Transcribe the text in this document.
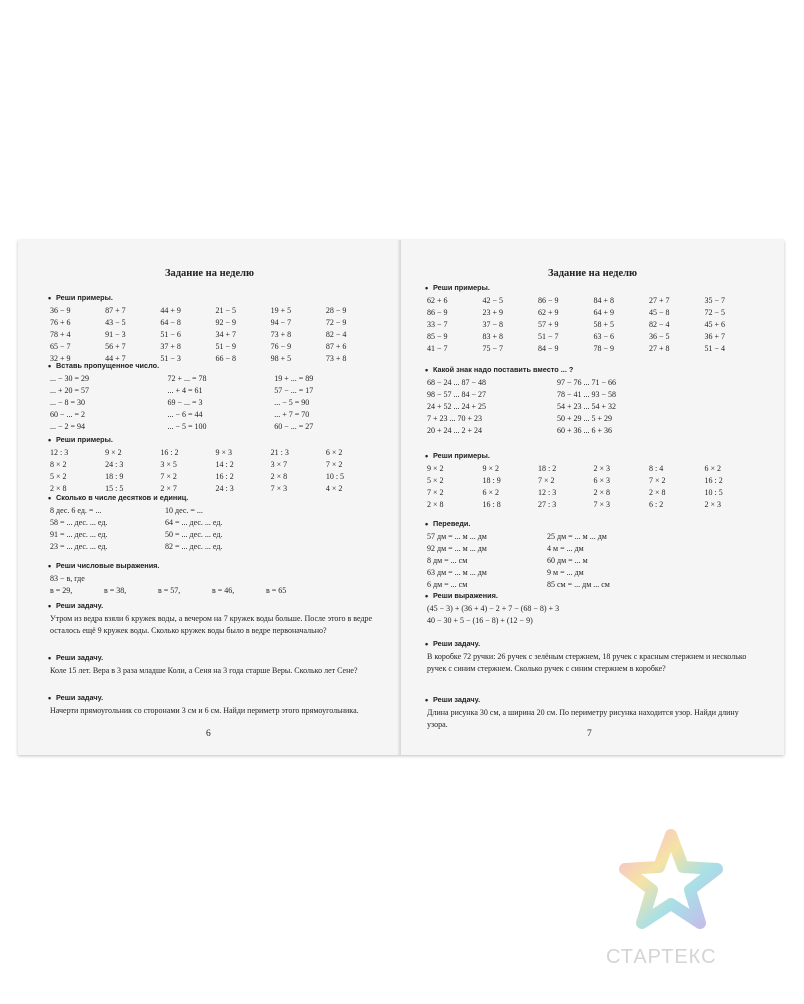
Задание на неделю
• Реши примеры.
36 − 9	87 + 7	44 + 9	21 − 5	19 + 5	28 − 9
76 + 6	43 − 5	64 − 8	92 − 9	94 − 7	72 − 9
78 + 4	91 − 3	51 − 6	34 + 7	73 + 8	82 − 4
65 − 7	56 + 7	37 + 8	51 − 9	76 − 9	87 + 6
32 + 9	44 + 7	51 − 3	66 − 8	98 + 5	73 + 8
• Вставь пропущенное число.
... − 30 = 29	72 + ... = 78	19 + ... = 89
... + 20 = 57	... + 4 = 61	57 − ... = 17
... − 8 = 30	69 − ... = 3	... − 5 = 90
60 − ... = 2	... − 6 = 44	... + 7 = 70
... − 2 = 94	... − 5 = 100	60 − ... = 27
• Реши примеры.
12 : 3	9 × 2	16 : 2	9 × 3	21 : 3	6 × 2
8 × 2	24 : 3	3 × 5	14 : 2	3 × 7	7 × 2
5 × 2	18 : 9	7 × 2	16 : 2	2 × 8	10 : 5
2 × 8	15 : 5	2 × 7	24 : 3	7 × 3	4 × 2
• Сколько в числе десятков и единиц.
8 дес. 6 ед. = ...	10 дес. = ...
58 = ... дес. ... ед.	64 = ... дес. ... ед.
91 = ... дес. ... ед.	50 = ... дес. ... ед.
23 = ... дес. ... ед.	82 = ... дес. ... ед.
• Реши числовые выражения.
83 − в, где
в = 29,	в = 38,	в = 57,	в = 46,	в = 65
• Реши задачу.
Утром из ведра взяли 6 кружек воды, а вечером на 7 кружек воды больше. После этого в ведре осталось ещё 9 кружек воды. Сколько кружек воды было в ведре первоначально?
• Реши задачу.
Коле 15 лет. Вера в 3 раза младше Коли, а Сеня на 3 года старше Веры. Сколько лет Сене?
• Реши задачу.
Начерти прямоугольник со сторонами 3 см и 6 см. Найди периметр этого прямоугольника.
6
Задание на неделю
• Реши примеры.
62 + 6	42 − 5	86 − 9	84 + 8	27 + 7	35 − 7
86 − 9	23 + 9	62 + 9	64 + 9	45 − 8	72 − 5
33 − 7	37 − 8	57 + 9	58 + 5	82 − 4	45 + 6
85 − 9	83 + 8	51 − 7	63 − 6	36 − 5	36 + 7
41 − 7	75 − 7	84 − 9	78 − 9	27 + 8	51 − 4
• Какой знак надо поставить вместо ... ?
68 − 24 ... 87 − 48	97 − 76 ... 71 − 66
98 − 57 ... 84 − 27	78 − 41 ... 93 − 58
24 + 52 ... 24 + 25	54 + 23 ... 54 + 32
7 + 23 ... 70 + 23	50 + 29 ... 5 + 29
20 + 24 ... 2 + 24	60 + 36 ... 6 + 36
• Реши примеры.
9 × 2	9 × 2	18 : 2	2 × 3	8 : 4	6 × 2
5 × 2	18 : 9	7 × 2	6 × 3	7 × 2	16 : 2
7 × 2	6 × 2	12 : 3	2 × 8	2 × 8	10 : 5
2 × 8	16 : 8	27 : 3	7 × 3	6 : 2	2 × 3
• Переведи.
57 дм = ... м ... дм	25 дм = ... м ... дм
92 дм = ... м ... дм	4 м = ... дм
8 дм = ... см	60 дм = ... м
63 дм = ... м ... дм	9 м = ... дм
6 дм = ... см	85 см = ... дм ... см
• Реши выражения.
(45 − 3) + (36 + 4) − 2 + 7 − (68 − 8) + 3
40 − 30 + 5 − (16 − 8) + (12 − 9)
• Реши задачу.
В коробке 72 ручки: 26 ручек с зелёным стержнем, 18 ручек с красным стержнем и несколько ручек с синим стержнем. Сколько ручек с синим стержнем в коробке?
• Реши задачу.
Длина рисунка 30 см, а ширина 20 см. По периметру рисунка находится узор. Найди длину узора.
7
СТАРТЕКС
